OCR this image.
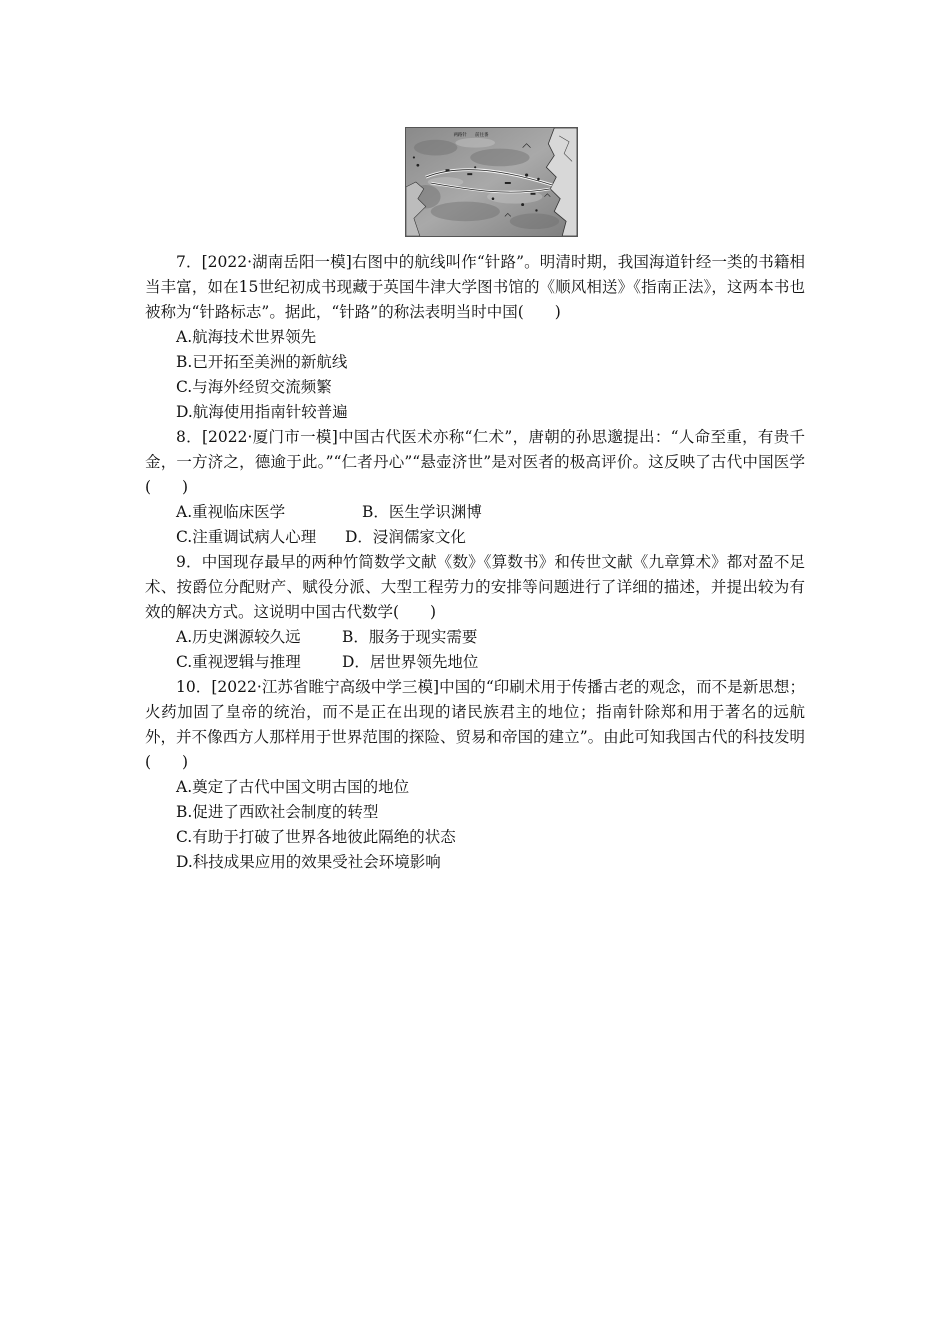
两路针 前往番

7．[2022·湖南岳阳一模]右图中的航线叫作“针路”。明清时期，我国海道针经一类的书籍相当丰富，如在15世纪初成书现藏于英国牛津大学图书馆的《顺风相送》《指南正法》，这两本书也被称为“针路标志”。据此，“针路”的称法表明当时中国(　　)

A.航海技术世界领先

B.已开拓至美洲的新航线

C.与海外经贸交流频繁

D.航海使用指南针较普遍

8．[2022·厦门市一模]中国古代医术亦称“仁术”，唐朝的孙思邈提出：“人命至重，有贵千金，一方济之，德逾于此。”“仁者丹心”“悬壶济世”是对医者的极高评价。这反映了古代中国医学(　　)

A.重视临床医学	B．医生学识渊博

C.注重调试病人心理 D．浸润儒家文化

9．中国现存最早的两种竹简数学文献《数》《算数书》和传世文献《九章算术》都对盈不足术、按爵位分配财产、赋役分派、大型工程劳力的安排等问题进行了详细的描述，并提出较为有效的解决方式。这说明中国古代数学(　　)

A.历史渊源较久远	B．服务于现实需要

C.重视逻辑与推理	D．居世界领先地位

10．[2022·江苏省睢宁高级中学三模]中国的“印刷术用于传播古老的观念，而不是新思想；火药加固了皇帝的统治，而不是正在出现的诸民族君主的地位；指南针除郑和用于著名的远航外，并不像西方人那样用于世界范围的探险、贸易和帝国的建立”。由此可知我国古代的科技发明(　　)

A.奠定了古代中国文明古国的地位

B.促进了西欧社会制度的转型

C.有助于打破了世界各地彼此隔绝的状态

D.科技成果应用的效果受社会环境影响
